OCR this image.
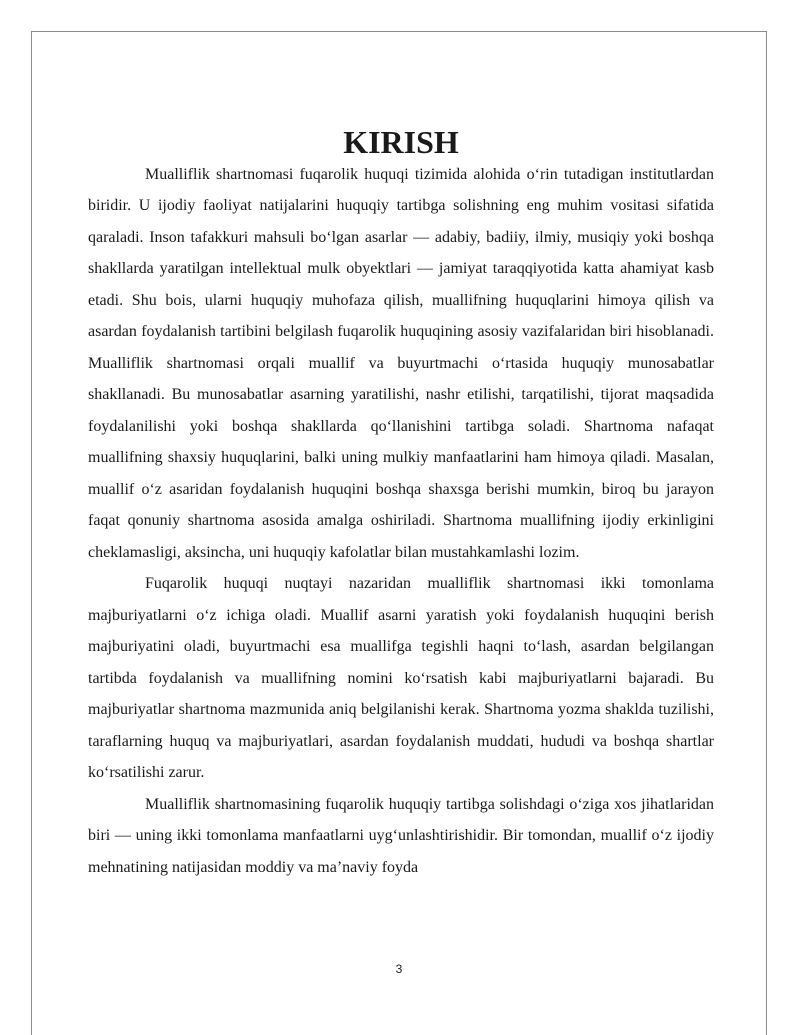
KIRISH

Mualliflik shartnomasi fuqarolik huquqi tizimida alohida o‘rin tutadigan institutlardan biridir. U ijodiy faoliyat natijalarini huquqiy tartibga solishning eng muhim vositasi sifatida qaraladi. Inson tafakkuri mahsuli bo‘lgan asarlar — adabiy, badiiy, ilmiy, musiqiy yoki boshqa shakllarda yaratilgan intellektual mulk obyektlari — jamiyat taraqqiyotida katta ahamiyat kasb etadi. Shu bois, ularni huquqiy muhofaza qilish, muallifning huquqlarini himoya qilish va asardan foydalanish tartibini belgilash fuqarolik huquqining asosiy vazifalaridan biri hisoblanadi. Mualliflik shartnomasi orqali muallif va buyurtmachi o‘rtasida huquqiy munosabatlar shakllanadi. Bu munosabatlar asarning yaratilishi, nashr etilishi, tarqatilishi, tijorat maqsadida foydalanilishi yoki boshqa shakllarda qo‘llanishini tartibga soladi. Shartnoma nafaqat muallifning shaxsiy huquqlarini, balki uning mulkiy manfaatlarini ham himoya qiladi. Masalan, muallif o‘z asaridan foydalanish huquqini boshqa shaxsga berishi mumkin, biroq bu jarayon faqat qonuniy shartnoma asosida amalga oshiriladi. Shartnoma muallifning ijodiy erkinligini cheklamasligi, aksincha, uni huquqiy kafolatlar bilan mustahkamlashi lozim.

Fuqarolik huquqi nuqtayi nazaridan mualliflik shartnomasi ikki tomonlama majburiyatlarni o‘z ichiga oladi. Muallif asarni yaratish yoki foydalanish huquqini berish majburiyatini oladi, buyurtmachi esa muallifga tegishli haqni to‘lash, asardan belgilangan tartibda foydalanish va muallifning nomini ko‘rsatish kabi majburiyatlarni bajaradi. Bu majburiyatlar shartnoma mazmunida aniq belgilanishi kerak. Shartnoma yozma shaklda tuzilishi, taraflarning huquq va majburiyatlari, asardan foydalanish muddati, hududi va boshqa shartlar ko‘rsatilishi zarur.

Mualliflik shartnomasining fuqarolik huquqiy tartibga solishdagi o‘ziga xos jihatlaridan biri — uning ikki tomonlama manfaatlarni uyg‘unlashtirishidir. Bir tomondan, muallif o‘z ijodiy mehnatining natijasidan moddiy va ma’naviy foyda

3
